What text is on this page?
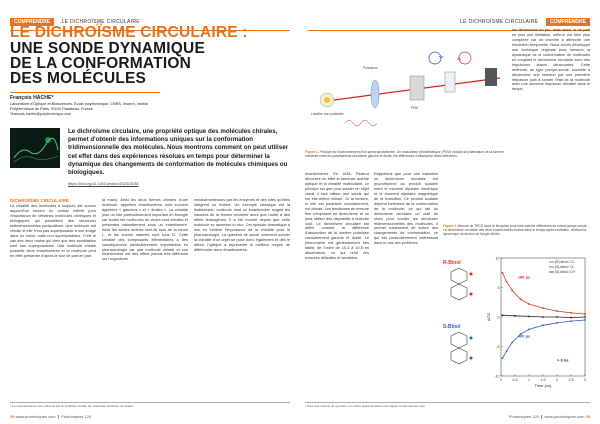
COMPRENDRE LE DICHROÏSME CIRCULAIRE	LE DICHROÏSME CIRCULAIRE COMPRENDRE
LE DICHROÏSME CIRCULAIRE :
UNE SONDE DYNAMIQUE
DE LA CONFORMATION
DES MOLÉCULES
François HACHE*
Laboratoire d'Optique et Biosciences, École polytechnique, CNRS, Inserm, Institut Polytechnique de Paris, 91120 Palaiseau, France
*francois.hache@polytechnique.edu
Le dichroïsme circulaire, une propriété optique des molécules chirales, permet d'obtenir des informations uniques sur la conformation tridimensionnelle des molécules. Nous montrons comment on peut utiliser cet effet dans des expériences résolues en temps pour déterminer la dynamique des changements de conformation de molécules chimiques ou biologiques.
https://doi.org/10.1051/photon/202323038
DICHROÏSME CIRCULAIRE

La chiralité des molécules a toujours été source aujourd'hui encore un certain intérêt pour l'importance de certaines molécules chimiques et biologiques qui possèdent des structures tridimensionnelles particulières. Une molécule est chirale si elle n'est pas superposable à son image dans un miroir, mais non superposables. C'est le cas des deux mains qui bien que très semblables sont non superposables. Une molécule chirale possède deux énantiomères et la molécule peut en effet présenter d'après le tout de part en part.

la main). Ainsi les deux formes chirales d'une molécule, appelées énantiomères, sont souvent appelées « gauches » et « droites ». La chiralité joue un rôle particulièrement important en biologie car toutes les molécules du vivant sont chirales et présentes naturellement sous un énantiomère. Ainsi les acides aminés sont-ils tous de la forme L, et les sucres naturels sont tous D. Cette chiralité des composants élémentaires a des conséquences particulièrement importantes en pharmacologie car une molécule chirale et son énantiomère ont des effets parfois très différents sur l'organisme.

médicamenteuses par les enzymes et des sites qu'elles intègrent ou évitent. Un exemple classique est la thalidomide, molécule dont un énantiomère soigne les nausées de la femme enceinte alors que l'autre a des effets tératogènes. Il a été montré depuis que cette molécule se racémise in vivo. Cet épisode dramatique a mis en lumière l'importance de la chiralité pour la pharmacologie. La question de savoir comment sonder la chiralité d'un objet se pose donc également et dès le début, l'optique a représenté le meilleur moyen de différencier deux énantiomères.

Lumière non polarisée
Polariseur
PEM
Figure 1. Principe du fonctionnement d'un spectropolarimètre. Un modulateur photoélastique (PEM) module la polarisation de la lumière incidente entre les polarisations circulaires gauche et droite, les différences d'absorption étant détectées.

énantiomères. En 1848, Pasteur découvre en effet la fameuse activité optique et la chiralité moléculaire. Le principe est que pour sonder un objet chiral, il faut utiliser une sonde qui est elle-même chirale. Or la lumière, si elle est polarisée circulairement, est chirale. Les tendances de mesure fine s'imposent en dichroïsme et on peut utiliser des dispositifs à moindre coût. Le dichroïsme circulaire est défini comme la différence d'absorption de la lumière polarisée circulairement gauche et droite. Le phénomène est généralement très faible, de l'ordre de 10-3 à 10-5 en absorbance, ce qui rend ces mesures délicates et sensibles.

Rappelons que pour une transition un dichroïsme circulaire est proportionnel au produit scalaire entre le moment dipolaire électrique et le moment dipolaire magnétique de la transition. Ce produit scalaire dépend fortement de la conformation de la molécule, ce qui fait du dichroïsme circulaire un outil de choix pour sonder les structures tridimensionnelles des molécules. Il permet notamment de suivre des changements de conformation, ce qui est particulièrement intéressant dans le cas des protéines.

les dimensions en jeu, mais alors, si on part en plus une limitation, celle-ci est bien plus complexe car on cherche à atteindre une résolution temporelle. Nous avons développé une technique originale pour mesurer la dynamique de la conformation de molécules en couplant le dichroïsme circulaire avec des impulsions lasers ultracourtes. Cette méthode, de type pompe-sonde, consiste à déclencher une réaction par une première impulsion puis à sonder l'état de la molécule avec une seconde impulsion décalée dans le temps.

Figure 2. Mesure de TRCD dans le binaphtol pour trois valeurs différentes du retard pompe-sonde. Le dichroïsme circulaire des deux énantiomères évolue dans le temps après excitation, révélant la dynamique de torsion de l'angle dièdre.
R-Binol
S-Binol
0	0.5	1	1.5	2	2.5	3
-10
-5
0
5
10
Time (ns)
ΔCD
(R)-binol / Cl-
(S)-binol / Cl-
(S)-binol / Cl+
180 ps
400 ps
> 3 ns
¹ Les énantiomères sont obtenus par la synthèse chirale de molécules achirales de départ.	² Pour des raisons de symétrie, les effets quadrupolaires électriques n'interviennent pas.
38 www.photoniques.com ❙ Photoniques 120	Photoniques 120 ❙ www.photoniques.com 39
